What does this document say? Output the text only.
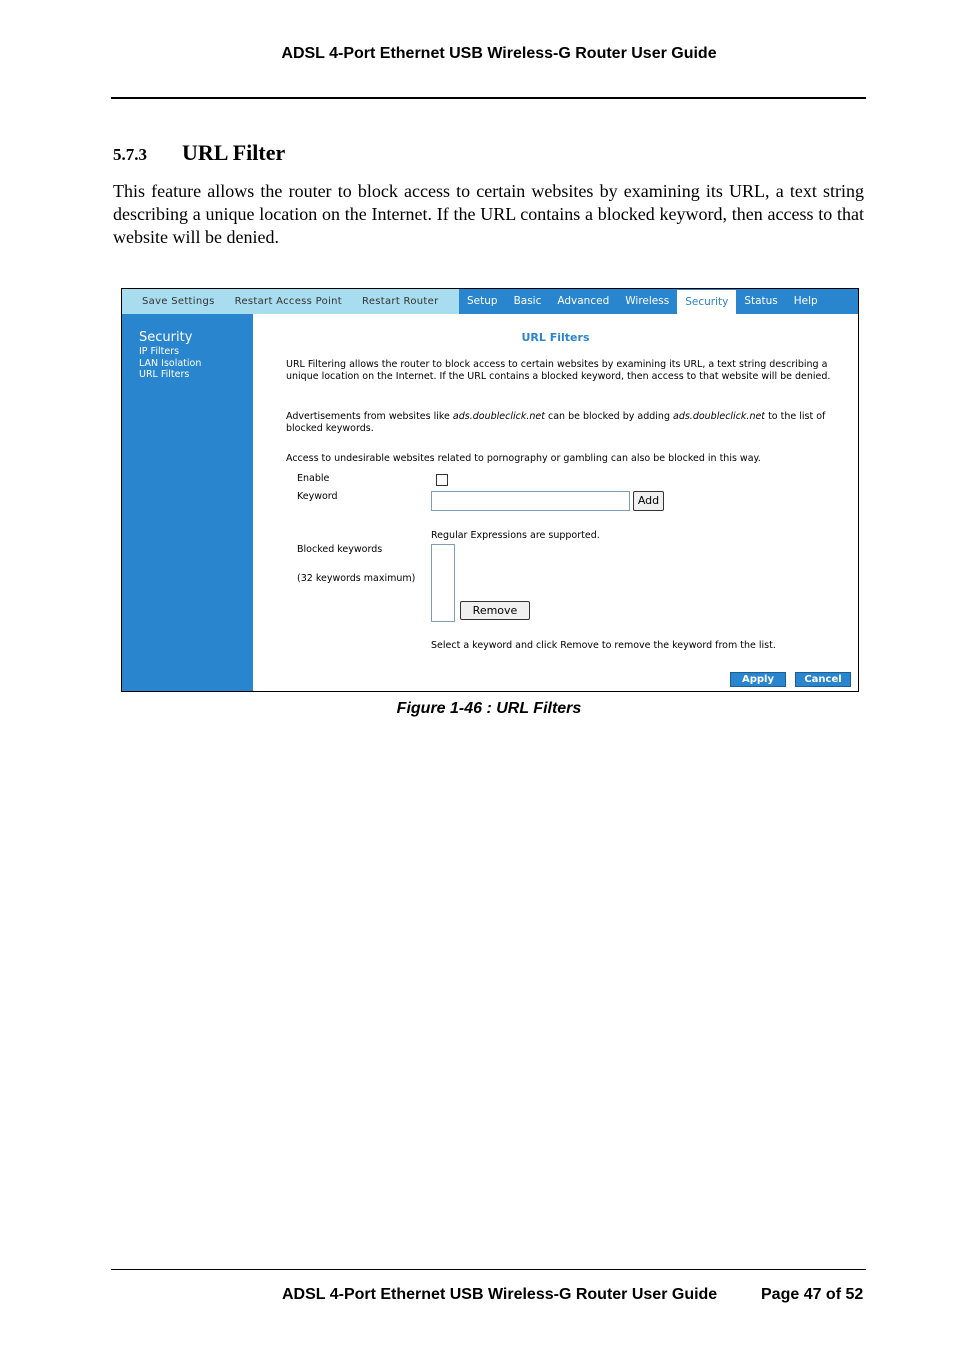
ADSL 4-Port Ethernet USB Wireless-G Router User Guide
5.7.3 URL Filter
This feature allows the router to block access to certain websites by examining its URL, a text string describing a unique location on the Internet. If the URL contains a blocked keyword, then access to that website will be denied.
Save Settings Restart Access Point Restart Router	Setup	Basic	Advanced	Wireless	Security	Status	Help
Security
IP Filters
LAN Isolation
URL Filters
URL Filters
URL Filtering allows the router to block access to certain websites by examining its URL, a text string describing a unique location on the Internet. If the URL contains a blocked keyword, then access to that website will be denied.
Advertisements from websites like ads.doubleclick.net can be blocked by adding ads.doubleclick.net to the list of blocked keywords.
Access to undesirable websites related to pornography or gambling can also be blocked in this way.
Enable
Keyword	Add
Regular Expressions are supported.
Blocked keywords
(32 keywords maximum)
Remove
Select a keyword and click Remove to remove the keyword from the list.
Apply	Cancel
Figure 1-46 : URL Filters
ADSL 4-Port Ethernet USB Wireless-G Router User Guide	Page 47 of 52
